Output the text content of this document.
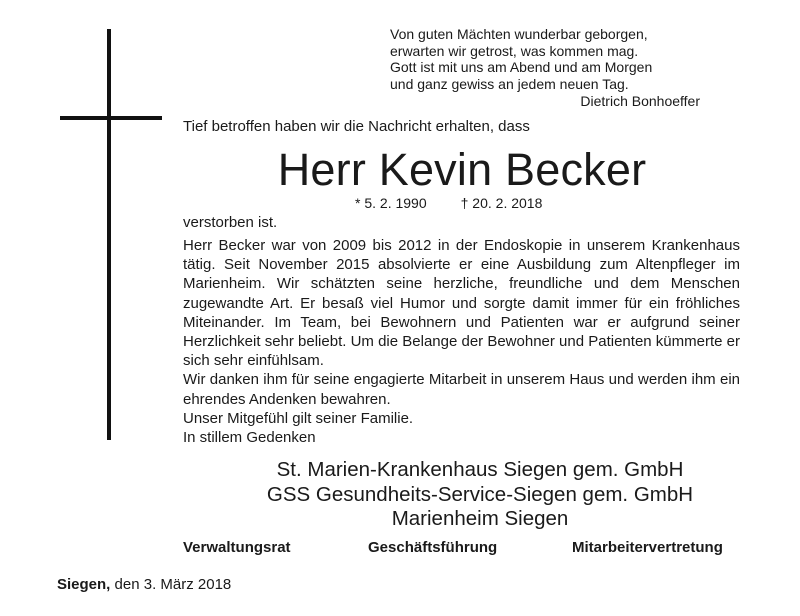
Von guten Mächten wunderbar geborgen,
erwarten wir getrost, was kommen mag.
Gott ist mit uns am Abend und am Morgen
und ganz gewiss an jedem neuen Tag.
Dietrich Bonhoeffer
Tief betroffen haben wir die Nachricht erhalten, dass
Herr Kevin Becker
* 5. 2. 1990 † 20. 2. 2018
verstorben ist.

Herr Becker war von 2009 bis 2012 in der Endoskopie in unserem Krankenhaus tätig. Seit November 2015 absolvierte er eine Ausbildung zum Altenpfleger im Marienheim. Wir schätzten seine herzliche, freundliche und dem Menschen zugewandte Art. Er besaß viel Humor und sorgte damit immer für ein fröhliches Miteinander. Im Team, bei Bewohnern und Patienten war er aufgrund seiner Herzlichkeit sehr beliebt. Um die Belange der Bewohner und Patienten kümmerte er sich sehr einfühlsam.

Wir danken ihm für seine engagierte Mitarbeit in unserem Haus und werden ihm ein ehrendes Andenken bewahren.

Unser Mitgefühl gilt seiner Familie.

In stillem Gedenken

St. Marien-Krankenhaus Siegen gem. GmbH
GSS Gesundheits-Service-Siegen gem. GmbH
Marienheim Siegen
Verwaltungsrat	Geschäftsführung	Mitarbeitervertretung
Siegen, den 3. März 2018
